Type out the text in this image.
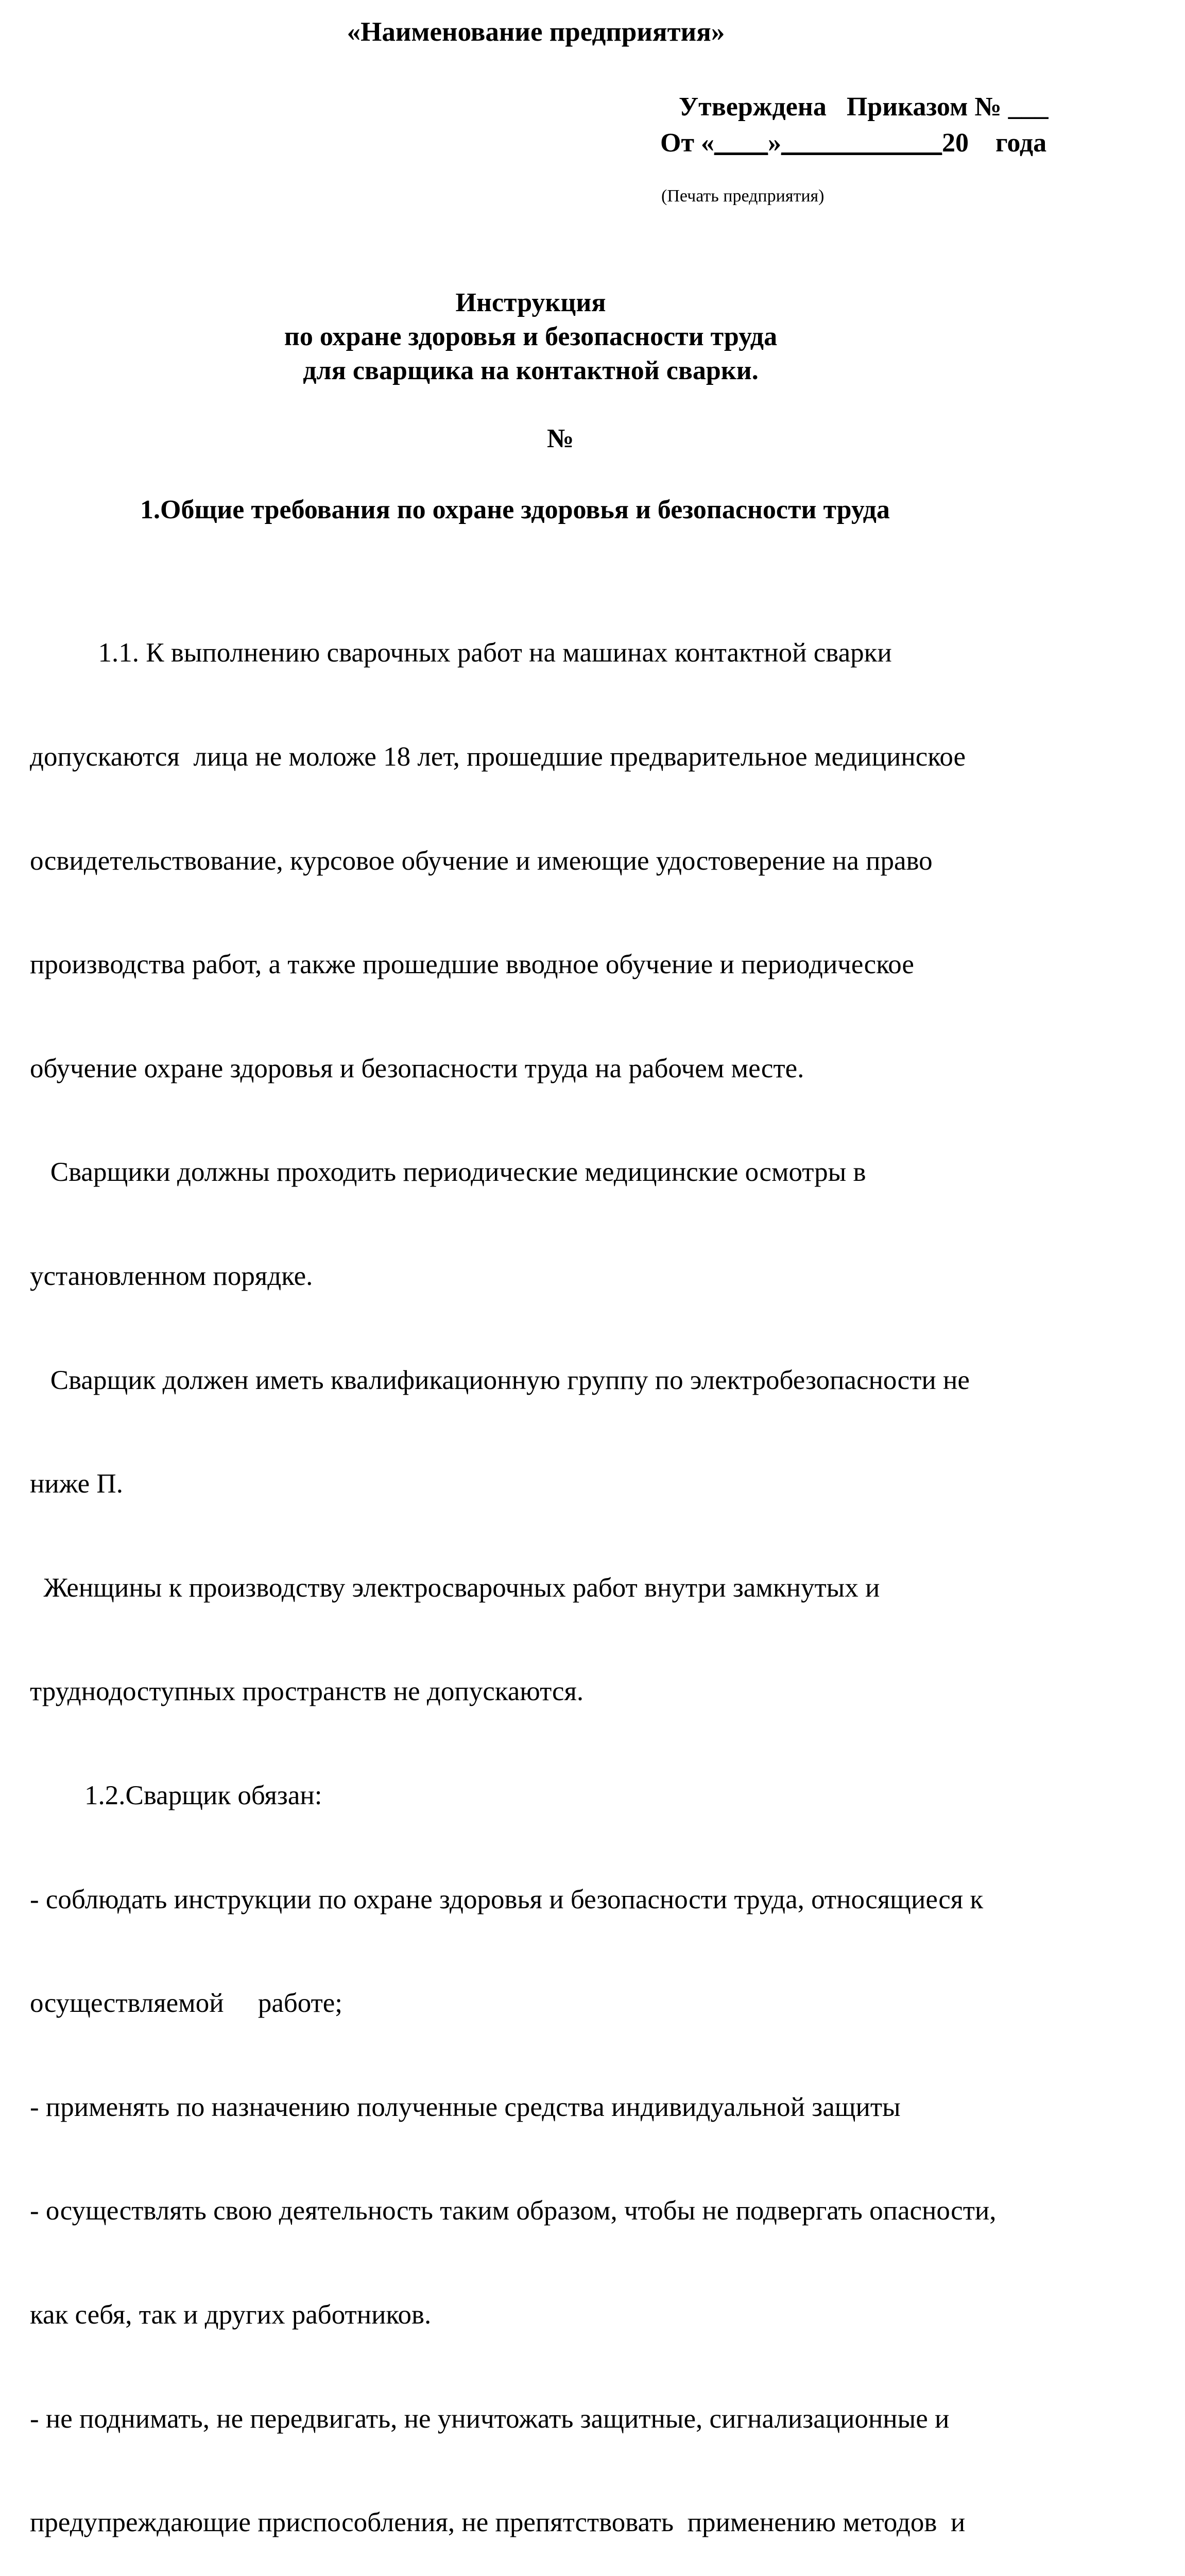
«Наименование предприятия»
Утверждена   Приказом № ___
От «____»____________20    года
(Печать предприятия)
Инструкция
по охране здоровья и безопасности труда
для сварщика на контактной сварки.
№
1.Общие требования по охране здоровья и безопасности труда

1.1. К выполнению сварочных работ на машинах контактной сварки

допускаются  лица не моложе 18 лет, прошедшие предварительное медицинское

освидетельствование, курсовое обучение и имеющие удостоверение на право

производства работ, а также прошедшие вводное обучение и периодическое

обучение охране здоровья и безопасности труда на рабочем месте.

Сварщики должны проходить периодические медицинские осмотры в

установленном порядке.

Сварщик должен иметь квалификационную группу по электробезопасности не

ниже П.

Женщины к производству электросварочных работ внутри замкнутых и

труднодоступных пространств не допускаются.

1.2.Сварщик обязан:

- соблюдать инструкции по охране здоровья и безопасности труда, относящиеся к

осуществляемой     работе;

- применять по назначению полученные средства индивидуальной защиты

- осуществлять свою деятельность таким образом, чтобы не подвергать опасности,

как себя, так и других работников.

- не поднимать, не передвигать, не уничтожать защитные, сигнализационные и

предупреждающие приспособления, не препятствовать  применению методов  и
